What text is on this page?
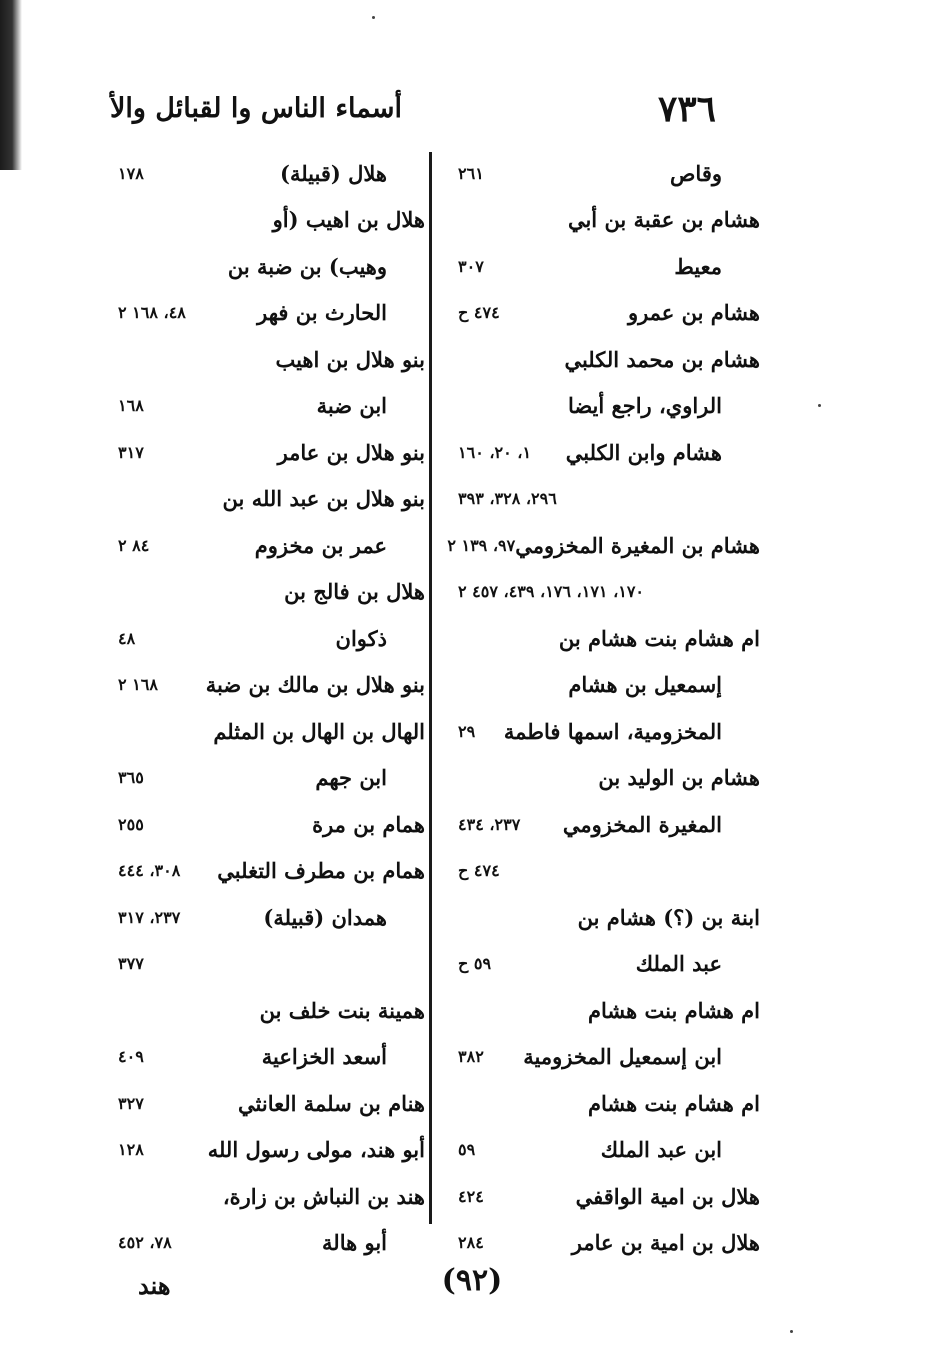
٧٣٦
أسماء الناس وا لقبائل والأ
وقاص
٢٦١
هشام بن عقبة بن أبي
معيط
٣٠٧
هشام بن عمرو
٤٧٤ ح
هشام بن محمد الكلبي
الراوي، راجع أيضا
هشام وابن الكلبي
١، ٢٠، ١٦٠
٢٩٦، ٣٢٨، ٣٩٣
هشام بن المغيرة المخزومي
٩٧، ١٣٩ ٢
١٧٠، ١٧١، ١٧٦، ٤٣٩، ٤٥٧ ٢
ام هشام بنت هشام بن
إسمعيل بن هشام
المخزومية، اسمها فاطمة
٢٩
هشام بن الوليد بن
المغيرة المخزومي
٢٣٧، ٤٣٤
٤٧٤ ح
ابنة بن (؟) هشام بن
عبد الملك
٥٩ ح
ام هشام بنت هشام
ابن إسمعيل المخزومية
٣٨٢
ام هشام بنت هشام
ابن عبد الملك
٥٩
هلال بن امية الواقفي
٤٢٤
هلال بن امية بن عامر
٢٨٤
هلال (قبيلة)
١٧٨
هلال بن اهيب (أو
وهيب) بن ضبة بن
الحارث بن فهر
٤٨، ١٦٨ ٢
بنو هلال بن اهيب
ابن ضبة
١٦٨
بنو هلال بن عامر
٣١٧
بنو هلال بن عبد الله بن
عمر بن مخزوم
٨٤ ٢
هلال بن فالج بن
ذكوان
٤٨
بنو هلال بن مالك بن ضبة
١٦٨ ٢
الهال بن الهال بن المثلم
ابن جهم
٣٦٥
همام بن مرة
٢٥٥
همام بن مطرف التغلبي
٣٠٨، ٤٤٤
همدان (قبيلة)
٢٣٧، ٣١٧
٣٧٧
همينة بنت خلف بن
أسعد الخزاعية
٤٠٩
هنام بن سلمة العانثي
٣٢٧
أبو هند، مولى رسول الله
١٢٨
هند بن النباش بن زارة،
أبو هالة
٧٨، ٤٥٢
(٩٢)
هند
